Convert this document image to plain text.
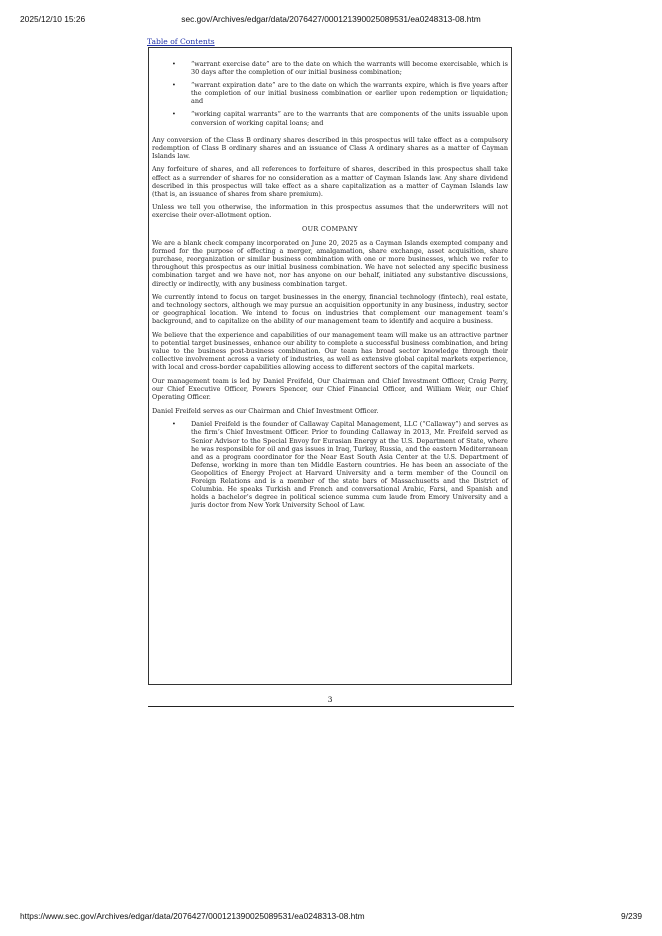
2025/12/10 15:26	sec.gov/Archives/edgar/data/2076427/000121390025089531/ea0248313-08.htm
Table of Contents
• “warrant exercise date” are to the date on which the warrants will become exercisable, which is 30 days after the completion of our initial business combination;
• “warrant expiration date” are to the date on which the warrants expire, which is five years after the completion of our initial business combination or earlier upon redemption or liquidation; and
• “working capital warrants” are to the warrants that are components of the units issuable upon conversion of working capital loans; and

Any conversion of the Class B ordinary shares described in this prospectus will take effect as a compulsory redemption of Class B ordinary shares and an issuance of Class A ordinary shares as a matter of Cayman Islands law.

Any forfeiture of shares, and all references to forfeiture of shares, described in this prospectus shall take effect as a surrender of shares for no consideration as a matter of Cayman Islands law. Any share dividend described in this prospectus will take effect as a share capitalization as a matter of Cayman Islands law (that is, an issuance of shares from share premium).

Unless we tell you otherwise, the information in this prospectus assumes that the underwriters will not exercise their over-allotment option.

OUR COMPANY

We are a blank check company incorporated on June 20, 2025 as a Cayman Islands exempted company and formed for the purpose of effecting a merger, amalgamation, share exchange, asset acquisition, share purchase, reorganization or similar business combination with one or more businesses, which we refer to throughout this prospectus as our initial business combination. We have not selected any specific business combination target and we have not, nor has anyone on our behalf, initiated any substantive discussions, directly or indirectly, with any business combination target.

We currently intend to focus on target businesses in the energy, financial technology (fintech), real estate, and technology sectors, although we may pursue an acquisition opportunity in any business, industry, sector or geographical location. We intend to focus on industries that complement our management team’s background, and to capitalize on the ability of our management team to identify and acquire a business.

We believe that the experience and capabilities of our management team will make us an attractive partner to potential target businesses, enhance our ability to complete a successful business combination, and bring value to the business post-business combination. Our team has broad sector knowledge through their collective involvement across a variety of industries, as well as extensive global capital markets experience, with local and cross-border capabilities allowing access to different sectors of the capital markets.

Our management team is led by Daniel Freifeld, Our Chairman and Chief Investment Officer, Craig Perry, our Chief Executive Officer, Powers Spencer, our Chief Financial Officer, and William Weir, our Chief Operating Officer.

Daniel Freifeld serves as our Chairman and Chief Investment Officer.

• Daniel Freifeld is the founder of Callaway Capital Management, LLC (“Callaway”) and serves as the firm’s Chief Investment Officer. Prior to founding Callaway in 2013, Mr. Freifeld served as Senior Advisor to the Special Envoy for Eurasian Energy at the U.S. Department of State, where he was responsible for oil and gas issues in Iraq, Turkey, Russia, and the eastern Mediterranean and as a program coordinator for the Near East South Asia Center at the U.S. Department of Defense, working in more than ten Middle Eastern countries. He has been an associate of the Geopolitics of Energy Project at Harvard University and a term member of the Council on Foreign Relations and is a member of the state bars of Massachusetts and the District of Columbia. He speaks Turkish and French and conversational Arabic, Farsi, and Spanish and holds a bachelor’s degree in political science summa cum laude from Emory University and a juris doctor from New York University School of Law.
3
https://www.sec.gov/Archives/edgar/data/2076427/000121390025089531/ea0248313-08.htm	9/239
